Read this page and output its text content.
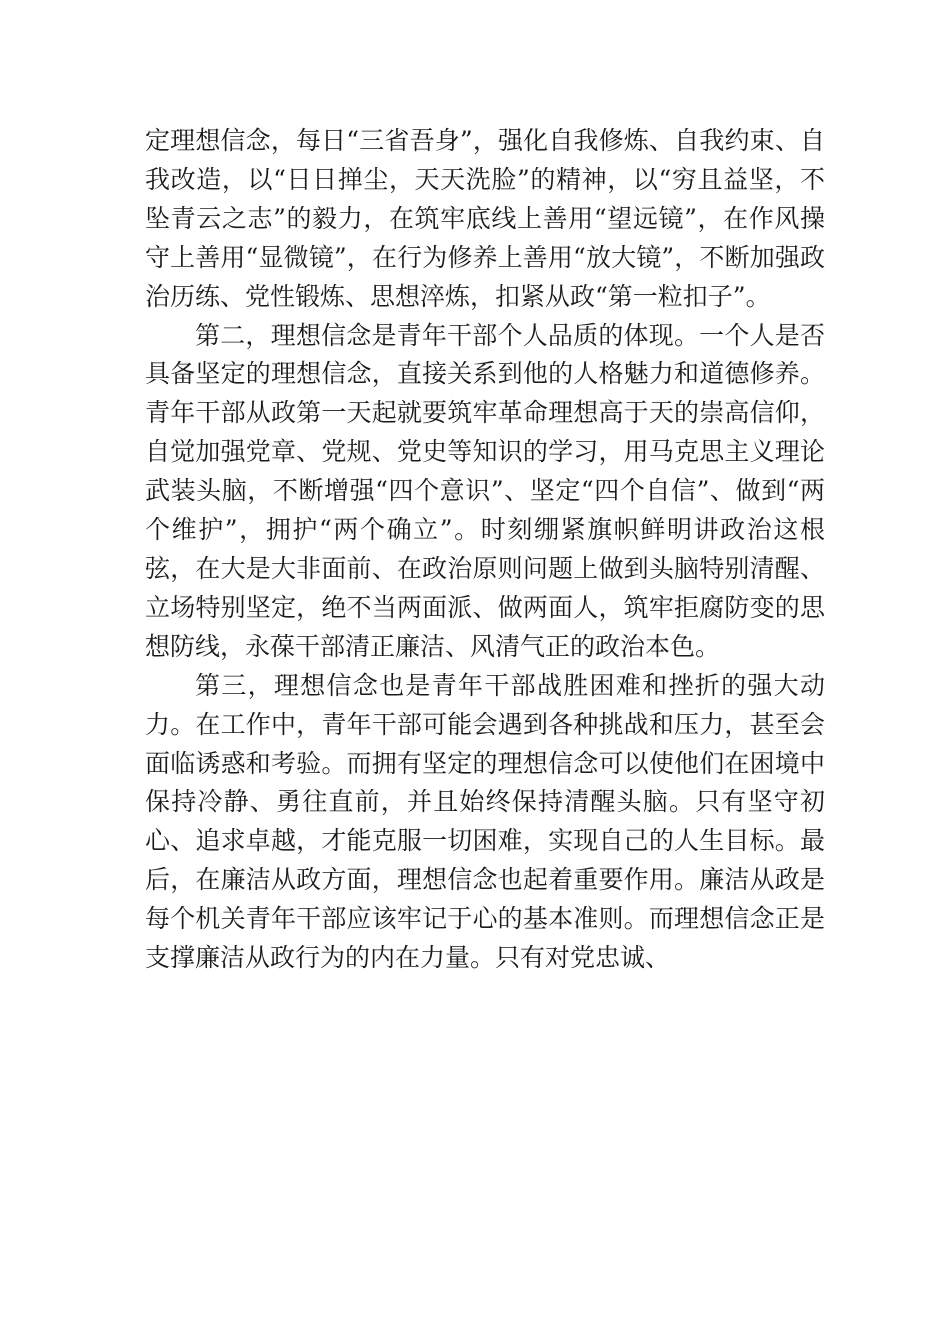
定理想信念，每日“三省吾身”，强化自我修炼、自我约束、自我改造，以“日日掸尘，天天洗脸”的精神，以“穷且益坚，不坠青云之志”的毅力，在筑牢底线上善用“望远镜”，在作风操守上善用“显微镜”，在行为修养上善用“放大镜”，不断加强政治历练、党性锻炼、思想淬炼，扣紧从政“第一粒扣子”。

第二，理想信念是青年干部个人品质的体现。一个人是否具备坚定的理想信念，直接关系到他的人格魅力和道德修养。青年干部从政第一天起就要筑牢革命理想高于天的崇高信仰，自觉加强党章、党规、党史等知识的学习，用马克思主义理论武装头脑，不断增强“四个意识”、坚定“四个自信”、做到“两个维护”，拥护“两个确立”。时刻绷紧旗帜鲜明讲政治这根弦，在大是大非面前、在政治原则问题上做到头脑特别清醒、立场特别坚定，绝不当两面派、做两面人，筑牢拒腐防变的思想防线，永葆干部清正廉洁、风清气正的政治本色。

第三，理想信念也是青年干部战胜困难和挫折的强大动力。在工作中，青年干部可能会遇到各种挑战和压力，甚至会面临诱惑和考验。而拥有坚定的理想信念可以使他们在困境中保持冷静、勇往直前，并且始终保持清醒头脑。只有坚守初心、追求卓越，才能克服一切困难，实现自己的人生目标。最后，在廉洁从政方面，理想信念也起着重要作用。廉洁从政是每个机关青年干部应该牢记于心的基本准则。而理想信念正是支撑廉洁从政行为的内在力量。只有对党忠诚、
